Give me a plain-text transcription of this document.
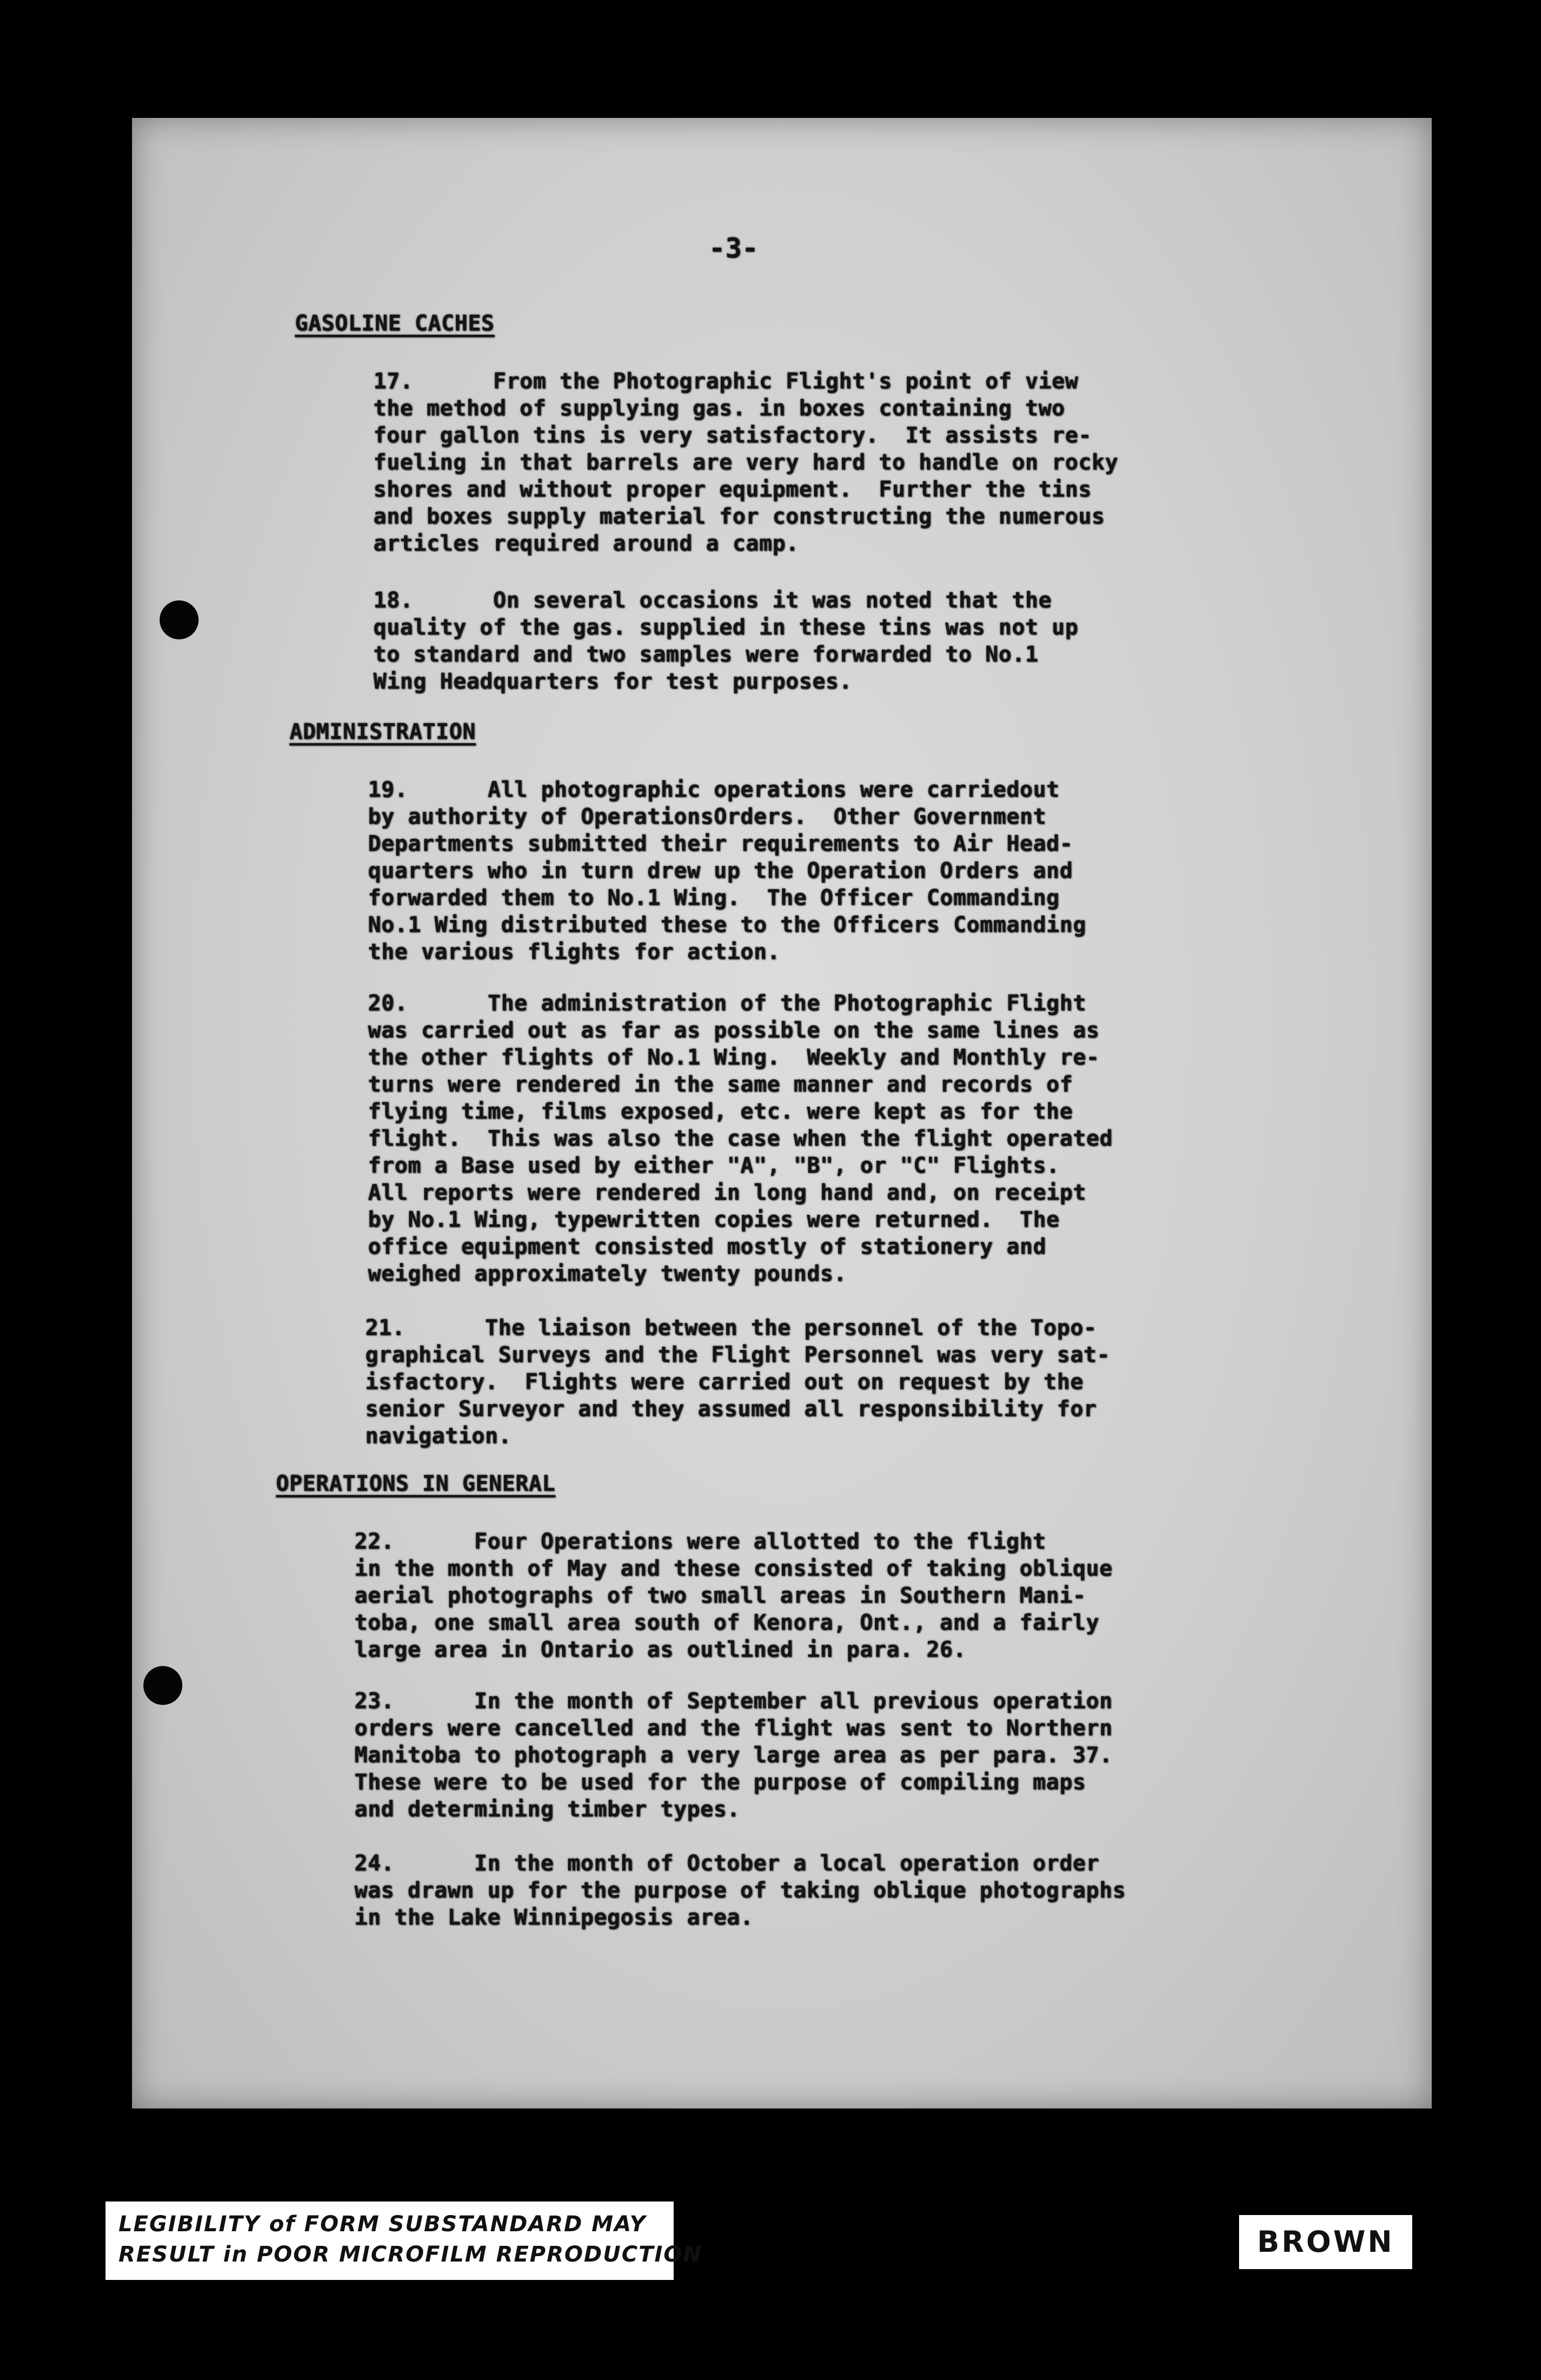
-3-
GASOLINE CACHES
17.      From the Photographic Flight's point of view
the method of supplying gas. in boxes containing two
four gallon tins is very satisfactory.  It assists re-
fueling in that barrels are very hard to handle on rocky
shores and without proper equipment.  Further the tins
and boxes supply material for constructing the numerous
articles required around a camp.
18.      On several occasions it was noted that the
quality of the gas. supplied in these tins was not up
to standard and two samples were forwarded to No.1
Wing Headquarters for test purposes.
ADMINISTRATION
19.      All photographic operations were carriedout
by authority of OperationsOrders.  Other Government
Departments submitted their requirements to Air Head-
quarters who in turn drew up the Operation Orders and
forwarded them to No.1 Wing.  The Officer Commanding
No.1 Wing distributed these to the Officers Commanding
the various flights for action.
20.      The administration of the Photographic Flight
was carried out as far as possible on the same lines as
the other flights of No.1 Wing.  Weekly and Monthly re-
turns were rendered in the same manner and records of
flying time, films exposed, etc. were kept as for the
flight.  This was also the case when the flight operated
from a Base used by either "A", "B", or "C" Flights.
All reports were rendered in long hand and, on receipt
by No.1 Wing, typewritten copies were returned.  The
office equipment consisted mostly of stationery and
weighed approximately twenty pounds.
21.      The liaison between the personnel of the Topo-
graphical Surveys and the Flight Personnel was very sat-
isfactory.  Flights were carried out on request by the
senior Surveyor and they assumed all responsibility for
navigation.
OPERATIONS IN GENERAL
22.      Four Operations were allotted to the flight
in the month of May and these consisted of taking oblique
aerial photographs of two small areas in Southern Mani-
toba, one small area south of Kenora, Ont., and a fairly
large area in Ontario as outlined in para. 26.
23.      In the month of September all previous operation
orders were cancelled and the flight was sent to Northern
Manitoba to photograph a very large area as per para. 37.
These were to be used for the purpose of compiling maps
and determining timber types.
24.      In the month of October a local operation order
was drawn up for the purpose of taking oblique photographs
in the Lake Winnipegosis area.
LEGIBILITY of FORM SUBSTANDARD MAY
RESULT in POOR MICROFILM REPRODUCTION	BROWN
